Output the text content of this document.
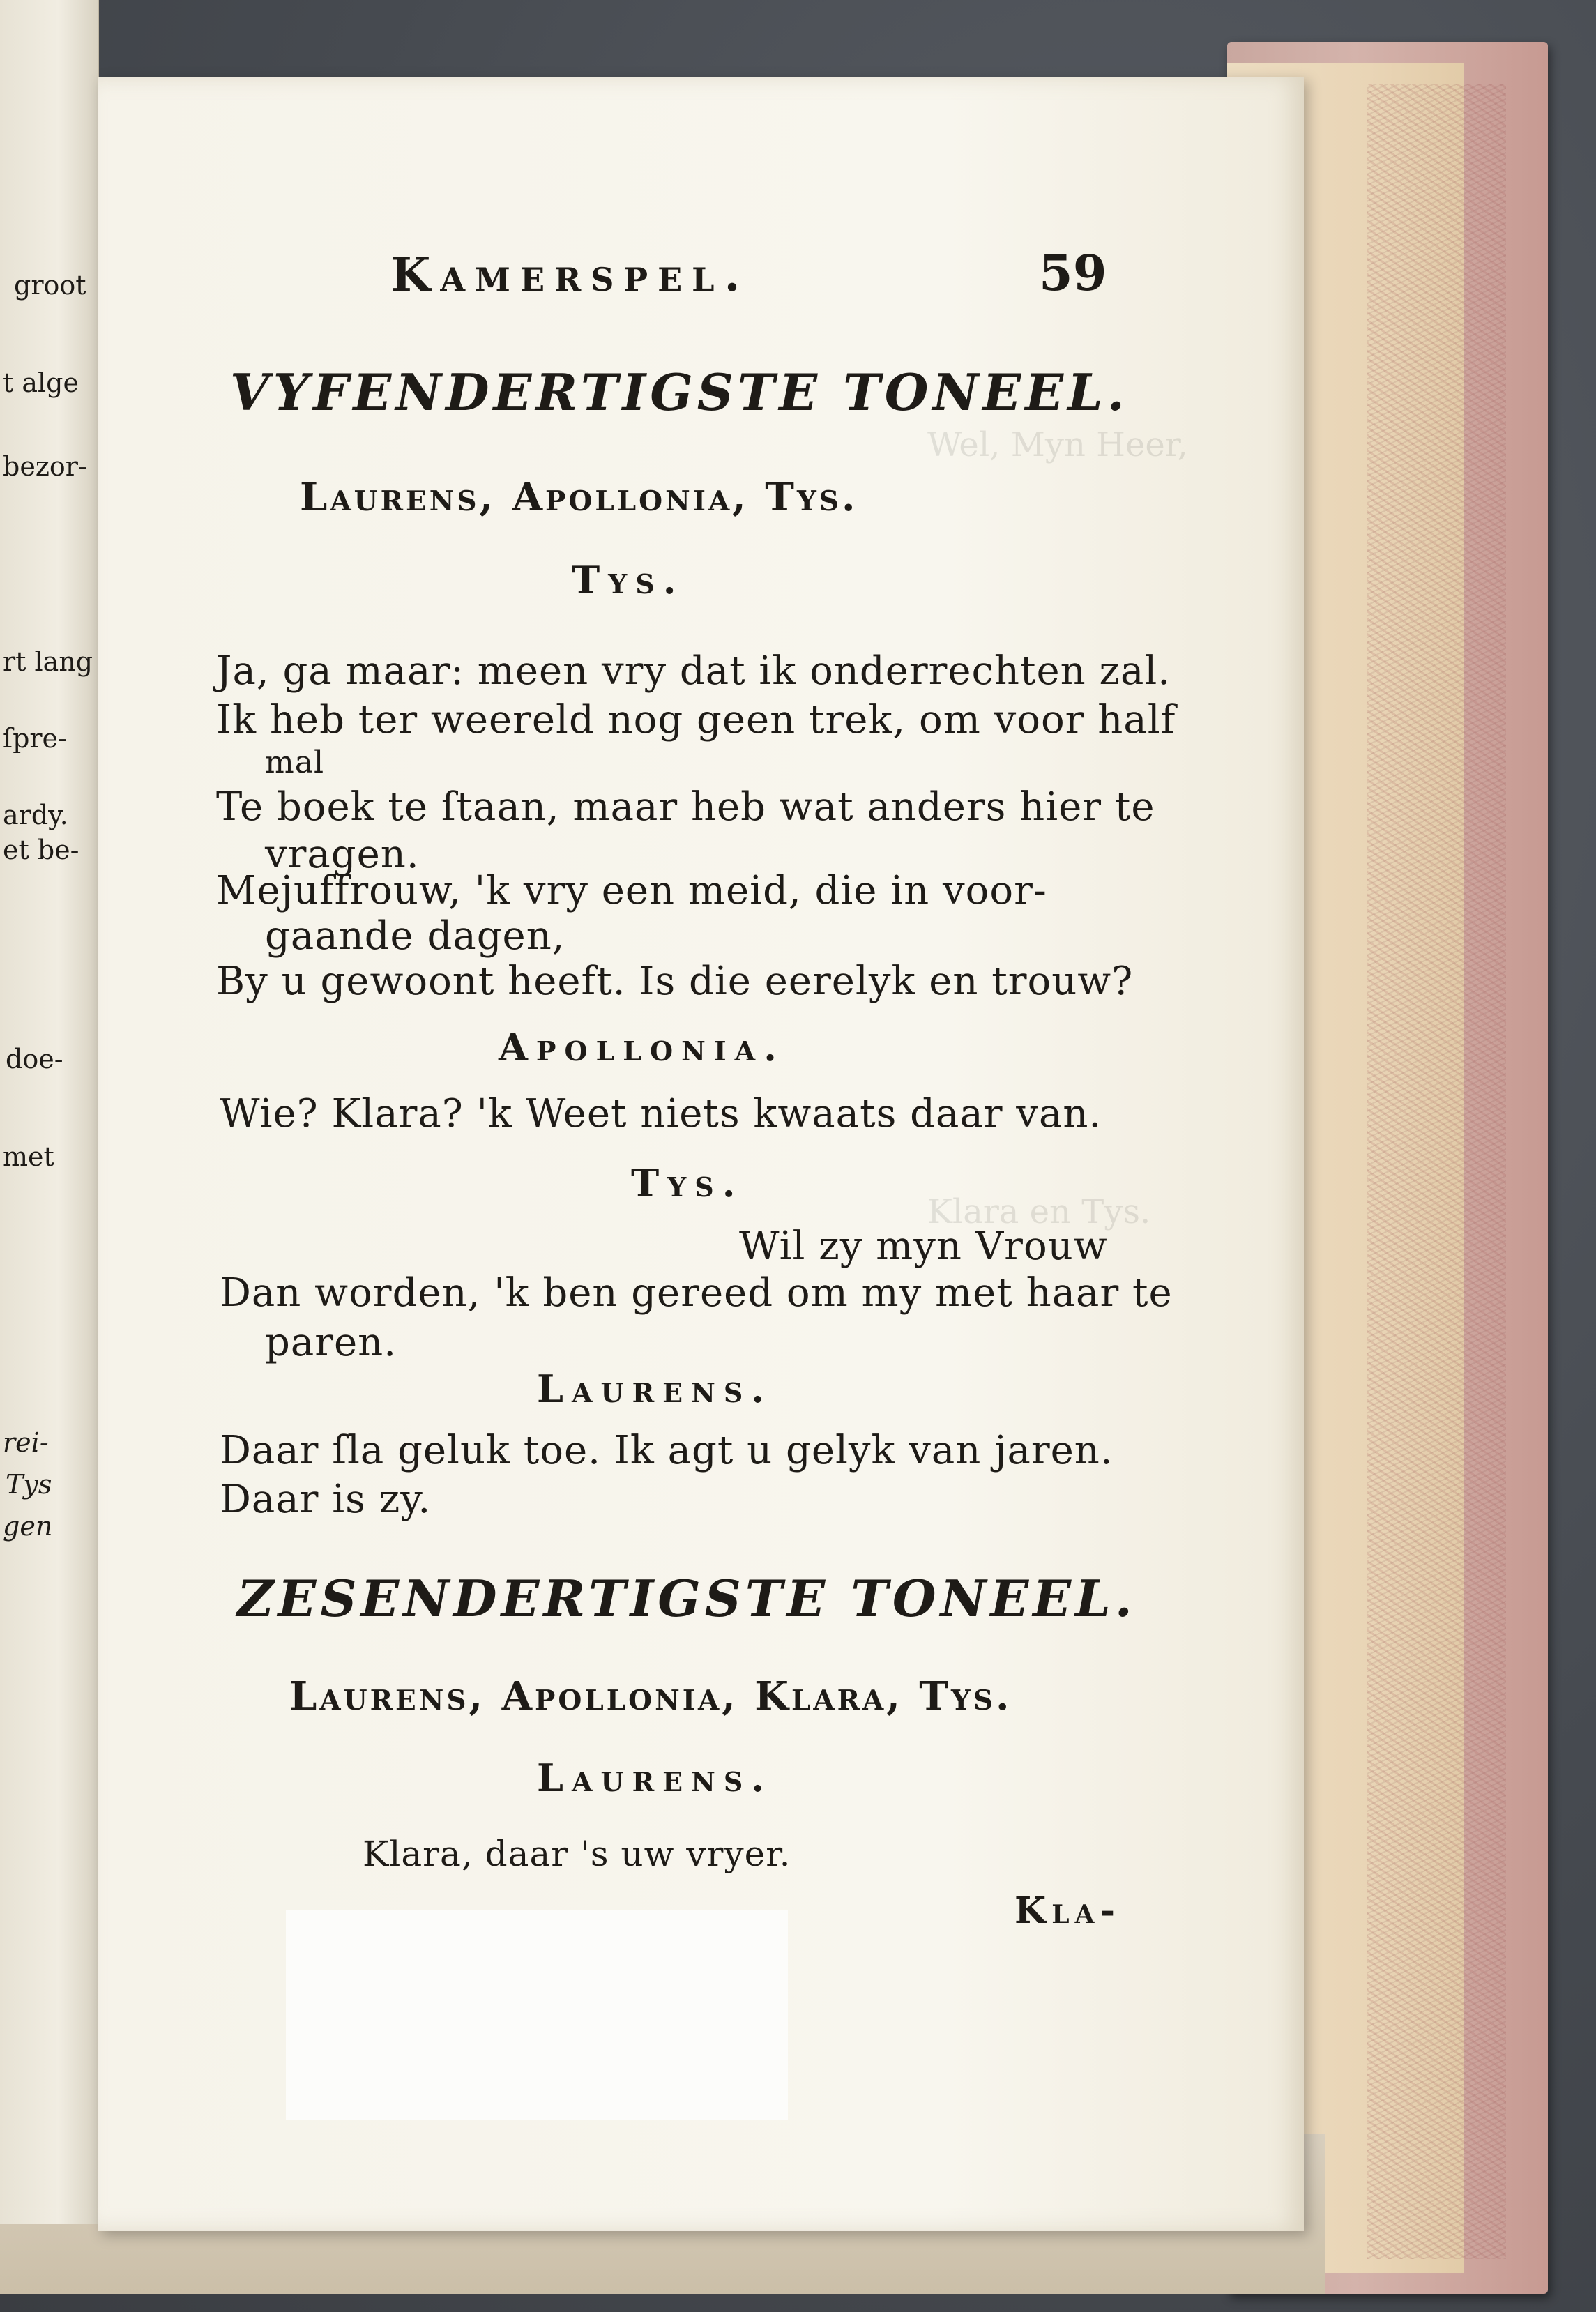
groot
t alge
bezor-
rt lang
ſpre-
ardy.
et be-
doe-
met
rei-
Tys
gen
Wel, Myn Heer,
Klara en Tys.
Kamerspel.	59
VYFENDERTIGSTE TONEEL.
Laurens, Apollonia, Tys.
Tys.
Ja, ga maar: meen vry dat ik onderrechten zal.
Ik heb ter weereld nog geen trek, om voor half
mal
Te boek te ſtaan, maar heb wat anders hier te
vragen.
Mejuffrouw, 'k vry een meid, die in voor-
gaande dagen,
By u gewoont heeft. Is die eerelyk en trouw?
Apollonia.
Wie? Klara? 'k Weet niets kwaats daar van.
Tys.
Wil zy myn Vrouw
Dan worden, 'k ben gereed om my met haar te
paren.
Laurens.
Daar ſla geluk toe. Ik agt u gelyk van jaren.
Daar is zy.
ZESENDERTIGSTE TONEEL.
Laurens, Apollonia, Klara, Tys.
Laurens.
Klara, daar 's uw vryer.
Kla-
